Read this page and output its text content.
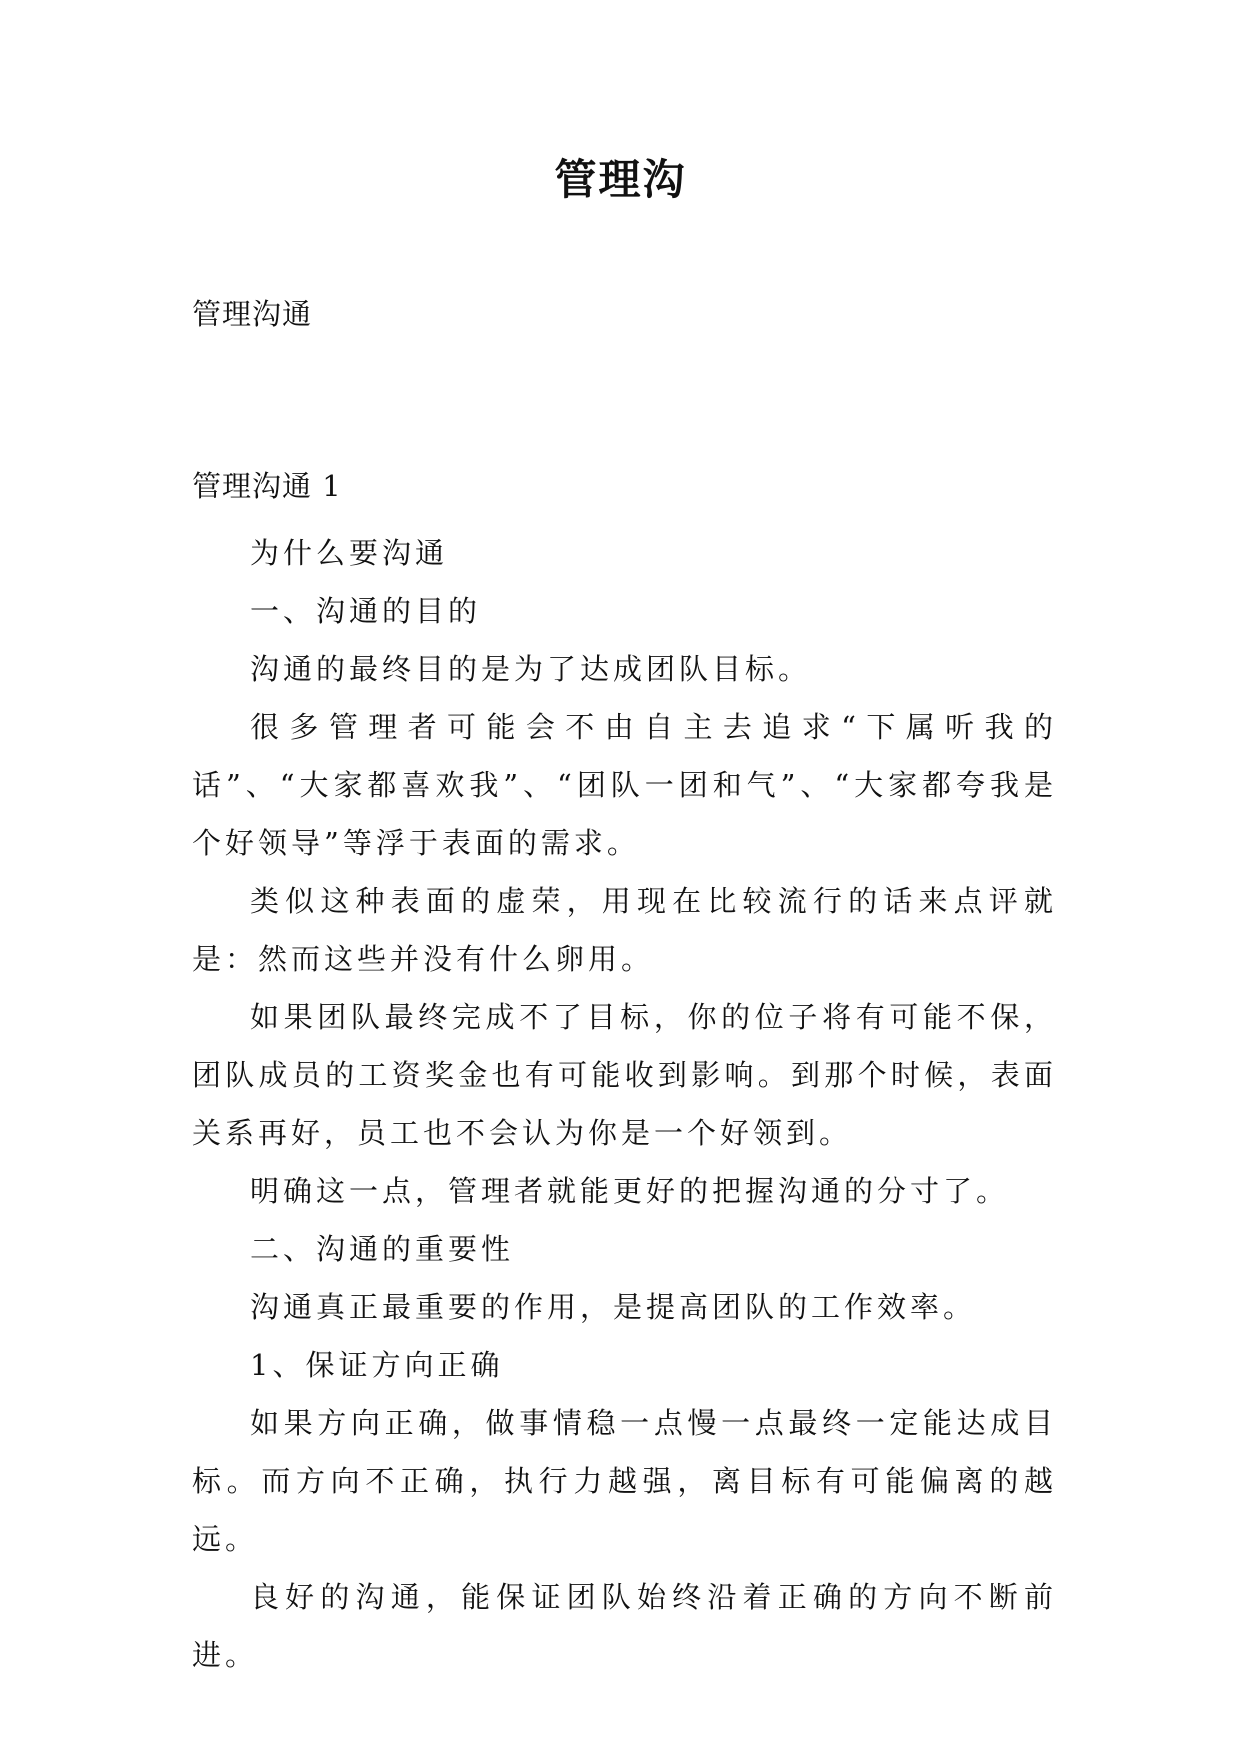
管理沟
管理沟通
管理沟通 1

为什么要沟通

一、沟通的目的

沟通的最终目的是为了达成团队目标。

很多管理者可能会不由自主去追求“下属听我的话”、“大家都喜欢我”、“团队一团和气”、“大家都夸我是个好领导”等浮于表面的需求。

类似这种表面的虚荣，用现在比较流行的话来点评就是：然而这些并没有什么卵用。

如果团队最终完成不了目标，你的位子将有可能不保，团队成员的工资奖金也有可能收到影响。到那个时候，表面关系再好，员工也不会认为你是一个好领到。

明确这一点，管理者就能更好的把握沟通的分寸了。

二、沟通的重要性

沟通真正最重要的作用，是提高团队的工作效率。

1、保证方向正确

如果方向正确，做事情稳一点慢一点最终一定能达成目标。而方向不正确，执行力越强，离目标有可能偏离的越远。

良好的沟通，能保证团队始终沿着正确的方向不断前进。
